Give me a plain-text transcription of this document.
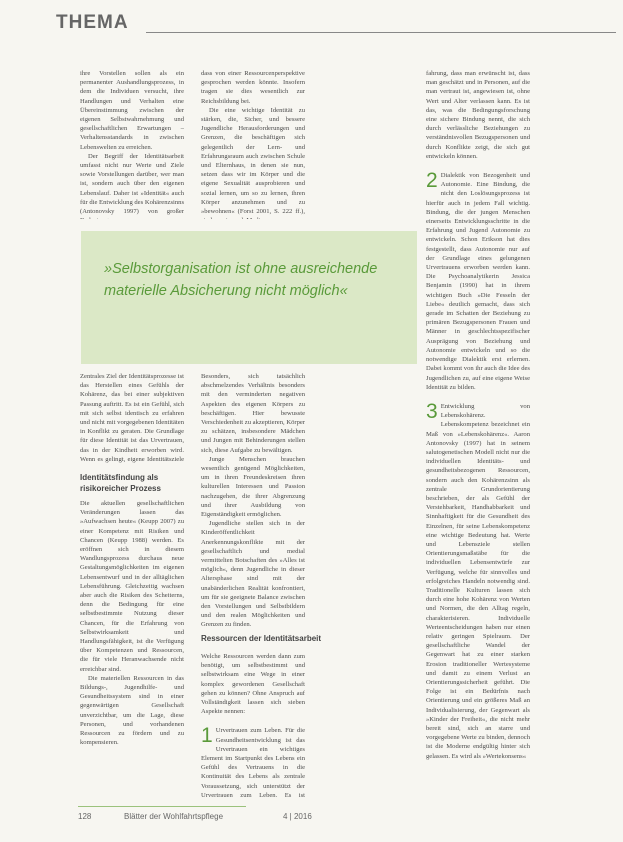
THEMA

ihre Vorstellen sollen als ein permanenter Aushandlungsprozess, in dem die Individuen versucht, ihre Handlungen und Verhalten eine Übereinstimmung zwischen der eigenen Selbstwahrnehmung und gesellschaftlichen Erwartungen – Verhaltensstandards in zwischen Lebenswelten zu erreichen.

Der Begriff der Identitätsarbeit umfasst nicht nur Werte und Ziele sowie Vorstellungen darüber, wer man ist, sondern auch über den eigenen Lebenslauf. Daher ist »Identität« auch für die Entwicklung des Kohärenzsinns (Antonovsky 1997) von großer

dass von einer Ressourcenperspektive gesprochen werden könnte. Insofern tragen sie dies wesentlich zur Reichsbildung bei.

Die eine wichtige Identität zu stärken, die, Sicher, und bessere Jugendliche Herausforderungen und Grenzen, die beschäftigen sich gelegentlich der Lern- und Erfahrungsraum auch zwischen Schule und Elternhaus, in denen sie nun, setzen dass wir im Körper und die eigene Sexualität ausprobieren und sozial lernen, um so zu lernen, ihren Körper anzunehmen und zu »bewohnen« (Forst 2001, S. 222 ff.),

fahrung, dass man erwünscht ist, dass man geschätzt und in Personen, auf die man vertraut ist, angewiesen ist, ohne Wert und Alter verlassen kann. Es ist das, was die Bedingungsforschung eine sichere Bindung nennt, die sich durch verlässliche Beziehungen zu verständnisvollen Bezugspersonen und durch Konflikte zeigt, die sich gut entwickeln können.

2 Dialektik von Bezogenheit und Autonomie. Eine Bindung, die nicht den Loslösungsprozess ist hierfür auch in jedem Fall wichtig. Bindung, die der jungen Menschen einerseits Entwicklungsschritte in die Erfahrung und Jugend Autonomie zu entwickeln. Schon Erikson hat dies festgestellt, dass Autonomie nur auf der Grundlage eines gelungenen Urvertrauens erworben werden kann. Die Psychoanalytikerin Jessica Benjamin (1990) hat in ihrem wichtigen Buch »Die Fesseln der Liebe« deutlich gemacht, dass sich gerade im Schatten der Beziehung zu primären Bezugspersonen Frauen und Männer in geschlechtsspezifischer Ausprägung von Beziehung und Autonomie entwickeln und so die notwendige Dialektik erst erlernen. Dabei kommt von ihr auch die Idee des Jugendlichen zu, auf eine eigene Weise Identität zu bilden.

3 Entwicklung von Lebenskohärenz. Lebenskompetenz bezeichnet ein Maß von »Lebenskohärenz«. Aaron Antonovsky (1997) hat in seinem salutogenetischen Modell nicht nur die individuellen Identitäts- und gesundheitsbezogenen Ressourcen, sondern auch den Kohärenzsinn als zentrale Grundorientierung beschrieben, der als Gefühl der Verstehbarkeit, Handhabbarkeit und Sinnhaftigkeit für die Gesundheit des Einzelnen, für seine Lebenskompetenz eine wichtige Bedeutung hat. Werte und Lebensziele stellen Orientierungsmaßstäbe für die individuellen Lebensentwürfe zur Verfügung, welche für sinnvolles und erfolgreiches Handeln notwendig sind. Traditionelle Kulturen lassen sich durch eine hohe Kohärenz von Werten und Normen, die den Alltag regeln, charakterisieren. Individuelle Werteentscheidungen haben nur einen relativ geringen Spielraum. Der gesellschaftliche Wandel der Gegenwart hat zu einer starken Erosion traditioneller Wertesysteme und damit zu einem Verlust an Orientierungssicherheit geführt. Die Folge ist ein Bedürfnis nach Orientierung und ein größeres Maß an Individualisierung, der Gegenwart als »Kinder der Freiheit«, die nicht mehr bereit sind, sich an starre und vorgegebene Werte zu binden, dennoch ist die Moderne endgültig hinter sich gelassen. Es wird als »Wertekonsens«

»Selbstorganisation ist ohne ausreichende materielle Absicherung nicht möglich«

Zentrales Ziel der Identitätsprozesse ist das Herstellen eines Gefühls der Kohärenz, das bei einer subjektiven Passung auftritt. Es ist ein Gefühl, sich mit sich selbst identisch zu erfahren und nicht mit vorgegebenen Identitäten in Konflikt zu geraten. Die Grundlage für diese Identität ist das Urvertrauen, das in der Kindheit erworben wird. Wenn es gelingt, eigene Identitätsziele

Identitätsfindung als risikoreicher Prozess

Die aktuellen gesellschaftlichen Veränderungen lassen das »Aufwachsen heute« (Keupp 2007) zu einer Kompetenz mit Risiken und Chancen (Keupp 1988) werden. Es eröffnen sich in diesem Wandlungsprozess durchaus neue Gestaltungsmöglichkeiten im eigenen Lebensentwurf und in der alltäglichen Lebensführung. Gleichzeitig wachsen aber auch die Risiken des Scheiterns, denn die Bedingung für eine selbstbestimmte Nutzung dieser Chancen, für die Erfahrung von Selbstwirksamkeit und Handlungsfähigkeit, ist die Verfügung über Kompetenzen und Ressourcen, die für viele Heranwachsende nicht erreichbar sind.

Die materiellen Ressourcen in das Bildungs-, Jugendhilfe- und Gesundheitssystem sind in einer gegenwärtigen Gesellschaft unverzichtbar, um die Lage, diese Personen, und vorhandenen Ressourcen zu fördern und zu kompensieren.

Besonders, sich tatsächlich abschmelzendes Verhältnis besonders mit den verminderten negativen Aspekten des eigenen Körpers zu beschäftigen. Hier bewusste Verschiedenheit zu akzeptieren, Körper zu schätzen, insbesondere Mädchen und Jungen mit Behinderungen stellen sich, diese Aufgabe zu bewältigen.

Junge Menschen brauchen wesentlich genügend Möglichkeiten, um in ihren Freundeskreisen ihren kulturellen Interessen und Passion nachzugehen, die ihrer Abgrenzung und ihrer Ausbildung von Eigenständigkeit ermöglichen.

Jugendliche stellen sich in der Kinderöffentlichkeit Anerkennungskonflikte mit der gesellschaftlich und medial vermittelten Botschaften des »Alles ist möglich«, denn Jugendliche in dieser Altersphase sind mit der unabänderlichen Realität konfrontiert, um für sie geeignete Balance zwischen den Vorstellungen und Selbstbildern und den realen Möglichkeiten und Grenzen zu finden.

Ressourcen der Identitätsarbeit

Welche Ressourcen werden dann zum benötigt, um selbstbestimmt und selbstwirksam eine Wege in einer komplex gewordenen Gesellschaft gehen zu können? Ohne Anspruch auf Vollständigkeit lassen sich sieben Aspekte nennen:

1 Urvertrauen zum Leben. Für die Gesundheitsentwicklung ist das Urvertrauen ein wichtiges Element im Startpunkt des Lebens ein Gefühl des Vertrauens in die Kontinuität des Lebens als zentrale Voraussetzung, sich unterstützt der Urvertrauen zum Leben. Es ist

128	Blätter der Wohlfahrtspflege	4 | 2016
